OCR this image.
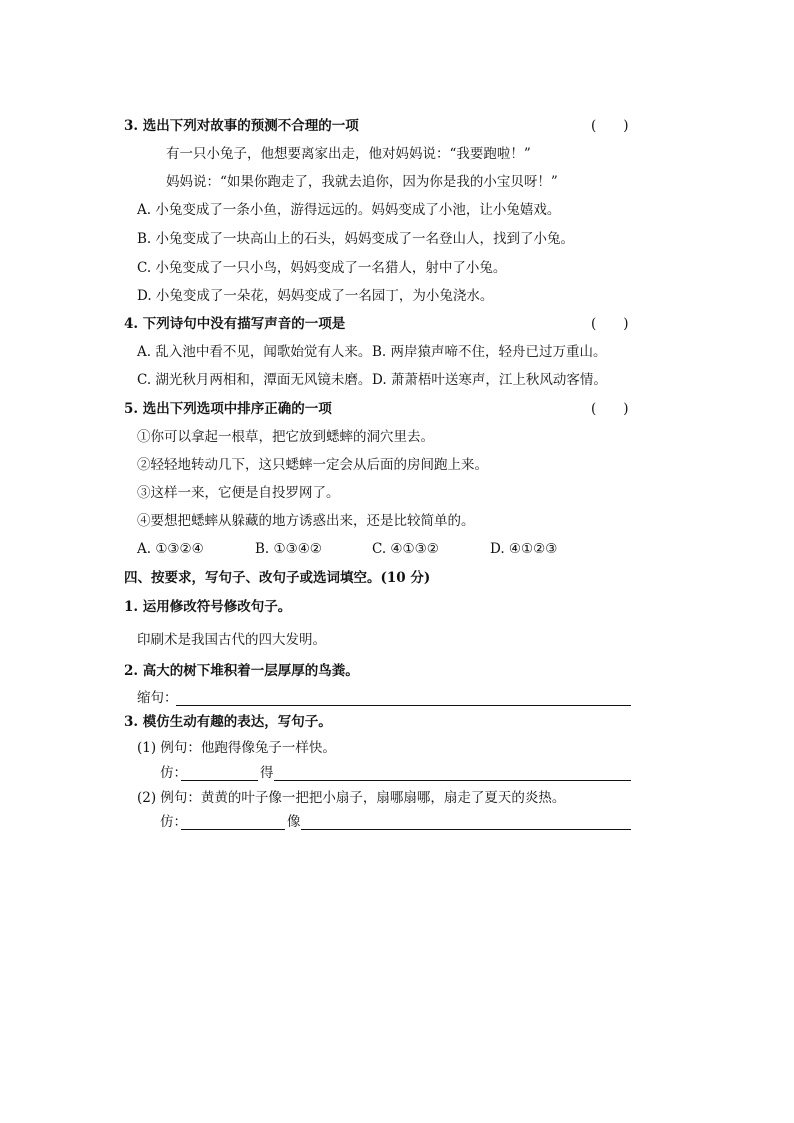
3. 选出下列对故事的预测不合理的一项	(　　)
有一只小兔子，他想要离家出走，他对妈妈说：“我要跑啦！”
妈妈说：“如果你跑走了，我就去追你，因为你是我的小宝贝呀！”
A. 小兔变成了一条小鱼，游得远远的。妈妈变成了小池，让小兔嬉戏。
B. 小兔变成了一块高山上的石头，妈妈变成了一名登山人，找到了小兔。
C. 小兔变成了一只小鸟，妈妈变成了一名猎人，射中了小兔。
D. 小兔变成了一朵花，妈妈变成了一名园丁，为小兔浇水。
4. 下列诗句中没有描写声音的一项是	(　　)
A. 乱入池中看不见，闻歌始觉有人来。 B. 两岸猿声啼不住，轻舟已过万重山。
C. 湖光秋月两相和，潭面无风镜未磨。 D. 萧萧梧叶送寒声，江上秋风动客情。
5. 选出下列选项中排序正确的一项	(　　)
①你可以拿起一根草，把它放到蟋蟀的洞穴里去。
②轻轻地转动几下，这只蟋蟀一定会从后面的房间跑上来。
③这样一来，它便是自投罗网了。
④要想把蟋蟀从躲藏的地方诱惑出来，还是比较简单的。
A. ①③②④	B. ①③④②	C. ④①③②	D. ④①②③
四、按要求，写句子、改句子或选词填空。(10 分)
1. 运用修改符号修改句子。
印刷术是我国古代的四大发明。
2. 高大的树下堆积着一层厚厚的鸟粪。
缩句：
3. 模仿生动有趣的表达，写句子。
(1) 例句：他跑得像兔子一样快。
仿：	得
(2) 例句：黄黄的叶子像一把把小扇子，扇哪扇哪，扇走了夏天的炎热。
仿：	像
